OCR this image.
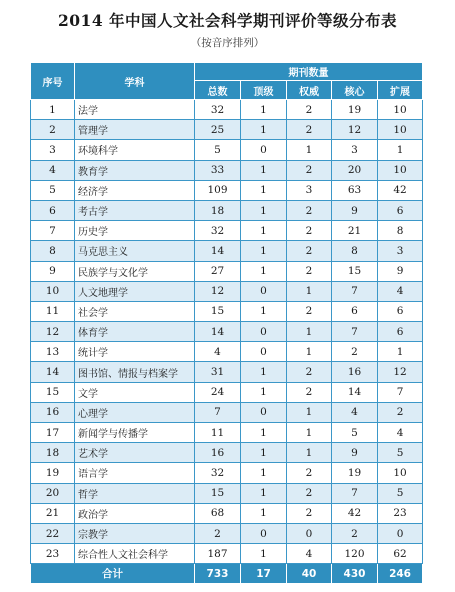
2014 年中国人文社会科学期刊评价等级分布表
（按音序排列）
序号	学科	期刊数量				
		总数	顶级	权威	核心	扩展
1	法学	32	1	2	19	10
2	管理学	25	1	2	12	10
3	环境科学	5	0	1	3	1
4	教育学	33	1	2	20	10
5	经济学	109	1	3	63	42
6	考古学	18	1	2	9	6
7	历史学	32	1	2	21	8
8	马克思主义	14	1	2	8	3
9	民族学与文化学	27	1	2	15	9
10	人文地理学	12	0	1	7	4
11	社会学	15	1	2	6	6
12	体育学	14	0	1	7	6
13	统计学	4	0	1	2	1
14	图书馆、情报与档案学	31	1	2	16	12
15	文学	24	1	2	14	7
16	心理学	7	0	1	4	2
17	新闻学与传播学	11	1	1	5	4
18	艺术学	16	1	1	9	5
19	语言学	32	1	2	19	10
20	哲学	15	1	2	7	5
21	政治学	68	1	2	42	23
22	宗教学	2	0	0	2	0
23	综合性人文社会科学	187	1	4	120	62
合计		733	17	40	430	246
